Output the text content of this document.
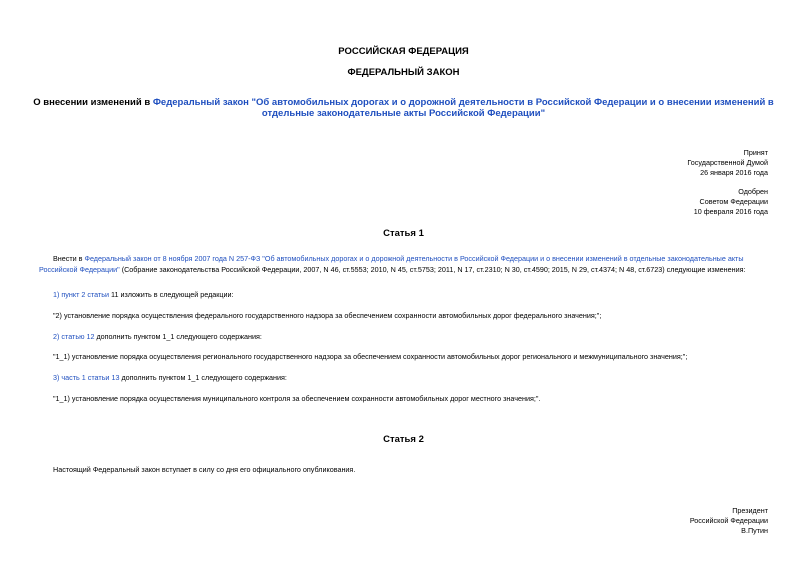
РОССИЙСКАЯ ФЕДЕРАЦИЯ
ФЕДЕРАЛЬНЫЙ ЗАКОН
О внесении изменений в Федеральный закон "Об автомобильных дорогах и о дорожной деятельности в Российской Федерации и о внесении изменений в
отдельные законодательные акты Российской Федерации"
Принят
Государственной Думой
26 января 2016 года
Одобрен
Советом Федерации
10 февраля 2016 года
Статья 1
Внести в Федеральный закон от 8 ноября 2007 года N 257-ФЗ "Об автомобильных дорогах и о дорожной деятельности в Российской Федерации и о внесении изменений в отдельные законодательные акты
Российской Федерации" (Собрание законодательства Российской Федерации, 2007, N 46, ст.5553; 2010, N 45, ст.5753; 2011, N 17, ст.2310; N 30, ст.4590; 2015, N 29, ст.4374; N 48, ст.6723) следующие изменения:
1) пункт 2 статьи 11 изложить в следующей редакции:
"2) установление порядка осуществления федерального государственного надзора за обеспечением сохранности автомобильных дорог федерального значения;";
2) статью 12 дополнить пунктом 1_1 следующего содержания:
"1_1) установление порядка осуществления регионального государственного надзора за обеспечением сохранности автомобильных дорог регионального и межмуниципального значения;";
3) часть 1 статьи 13 дополнить пунктом 1_1 следующего содержания:
"1_1) установление порядка осуществления муниципального контроля за обеспечением сохранности автомобильных дорог местного значения;".
Статья 2
Настоящий Федеральный закон вступает в силу со дня его официального опубликования.
Президент
Российской Федерации
В.Путин
